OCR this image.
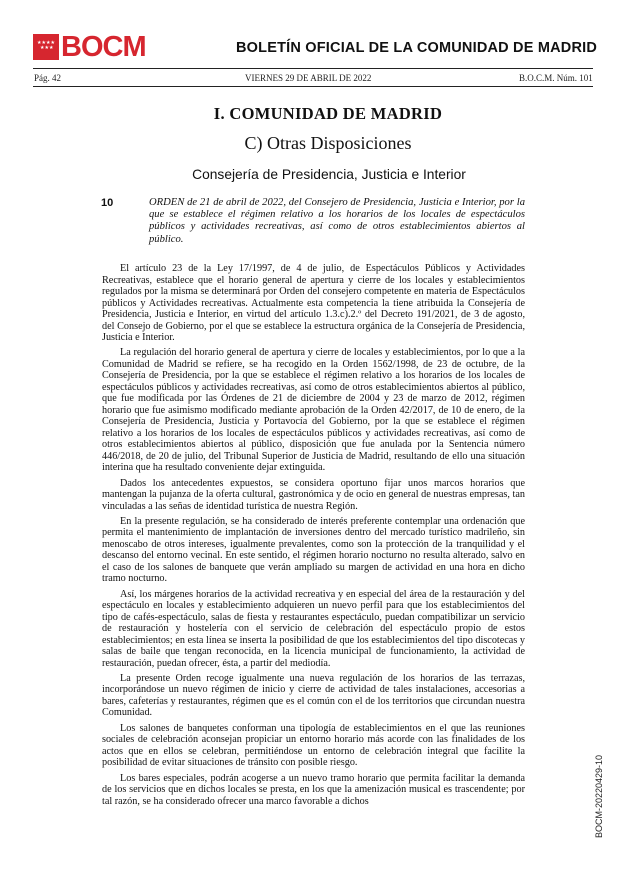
★★★★
★★★ BOCM	BOLETÍN OFICIAL DE LA COMUNIDAD DE MADRID
Pág. 42	VIERNES 29 DE ABRIL DE 2022	B.O.C.M. Núm. 101
I. COMUNIDAD DE MADRID
C) Otras Disposiciones
Consejería de Presidencia, Justicia e Interior
10	ORDEN de 21 de abril de 2022, del Consejero de Presidencia, Justicia e Interior, por la que se establece el régimen relativo a los horarios de los locales de espectáculos públicos y actividades recreativas, así como de otros establecimientos abiertos al público.

El artículo 23 de la Ley 17/1997, de 4 de julio, de Espectáculos Públicos y Actividades Recreativas, establece que el horario general de apertura y cierre de los locales y establecimientos regulados por la misma se determinará por Orden del consejero competente en materia de Espectáculos públicos y Actividades recreativas. Actualmente esta competencia la tiene atribuida la Consejería de Presidencia, Justicia e Interior, en virtud del artículo 1.3.c).2.º del Decreto 191/2021, de 3 de agosto, del Consejo de Gobierno, por el que se establece la estructura orgánica de la Consejería de Presidencia, Justicia e Interior.

La regulación del horario general de apertura y cierre de locales y establecimientos, por lo que a la Comunidad de Madrid se refiere, se ha recogido en la Orden 1562/1998, de 23 de octubre, de la Consejería de Presidencia, por la que se establece el régimen relativo a los horarios de los locales de espectáculos públicos y actividades recreativas, así como de otros establecimientos abiertos al público, que fue modificada por las Órdenes de 21 de diciembre de 2004 y 23 de marzo de 2012, régimen horario que fue asimismo modificado mediante aprobación de la Orden 42/2017, de 10 de enero, de la Consejería de Presidencia, Justicia y Portavocía del Gobierno, por la que se establece el régimen relativo a los horarios de los locales de espectáculos públicos y actividades recreativas, así como de otros establecimientos abiertos al público, disposición que fue anulada por la Sentencia número 446/2018, de 20 de julio, del Tribunal Superior de Justicia de Madrid, resultando de ello una situación interina que ha resultado conveniente dejar extinguida.

Dados los antecedentes expuestos, se considera oportuno fijar unos marcos horarios que mantengan la pujanza de la oferta cultural, gastronómica y de ocio en general de nuestras empresas, tan vinculadas a las señas de identidad turística de nuestra Región.

En la presente regulación, se ha considerado de interés preferente contemplar una ordenación que permita el mantenimiento de implantación de inversiones dentro del mercado turístico madrileño, sin menoscabo de otros intereses, igualmente prevalentes, como son la protección de la tranquilidad y el descanso del entorno vecinal. En este sentido, el régimen horario nocturno no resulta alterado, salvo en el caso de los salones de banquete que verán ampliado su margen de actividad en una hora en dicho tramo nocturno.

Así, los márgenes horarios de la actividad recreativa y en especial del área de la restauración y del espectáculo en locales y establecimiento adquieren un nuevo perfil para que los establecimientos del tipo de cafés-espectáculo, salas de fiesta y restaurantes espectáculo, puedan compatibilizar un servicio de restauración y hostelería con el servicio de celebración del espectáculo propio de estos establecimientos; en esta línea se inserta la posibilidad de que los establecimientos del tipo discotecas y salas de baile que tengan reconocida, en la licencia municipal de funcionamiento, la actividad de restauración, puedan ofrecer, ésta, a partir del mediodía.

La presente Orden recoge igualmente una nueva regulación de los horarios de las terrazas, incorporándose un nuevo régimen de inicio y cierre de actividad de tales instalaciones, accesorias a bares, cafeterías y restaurantes, régimen que es el común con el de los territorios que circundan nuestra Comunidad.

Los salones de banquetes conforman una tipología de establecimientos en el que las reuniones sociales de celebración aconsejan propiciar un entorno horario más acorde con las finalidades de los actos que en ellos se celebran, permitiéndose un entorno de celebración integral que facilite la posibilidad de evitar situaciones de tránsito con posible riesgo.

Los bares especiales, podrán acogerse a un nuevo tramo horario que permita facilitar la demanda de los servicios que en dichos locales se presta, en los que la amenización musical es trascendente; por tal razón, se ha considerado ofrecer una marco favorable a dichos	BOCM-20220429-10
